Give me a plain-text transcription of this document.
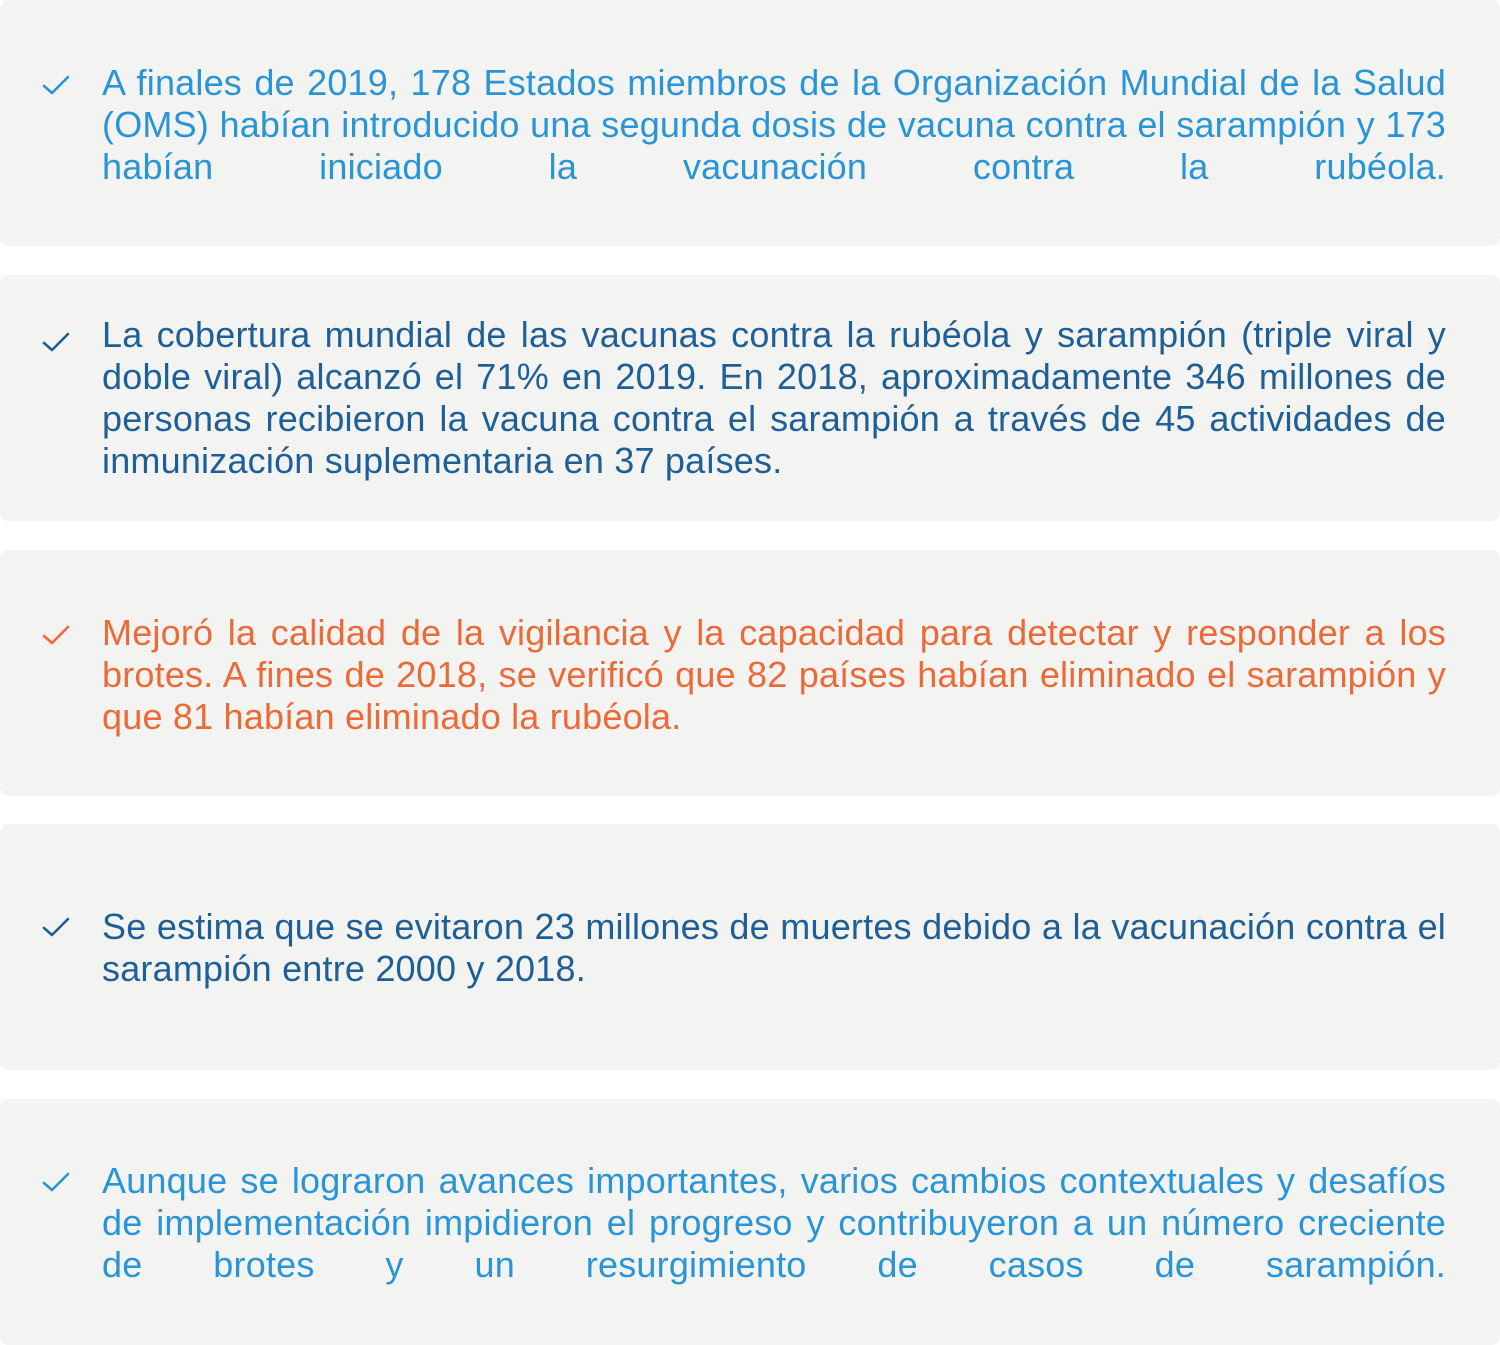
A finales de 2019, 178 Estados miembros de la Organización Mundial de la Salud (OMS) habían introducido una segunda dosis de vacuna contra el sarampión y 173 habían iniciado la vacunación contra la rubéola.

La cobertura mundial de las vacunas contra la rubéola y sarampión (triple viral y doble viral) alcanzó el 71% en 2019. En 2018, aproximadamente 346 millones de personas recibieron la vacuna contra el sarampión a través de 45 actividades de inmunización suplementaria en 37 países.

Mejoró la calidad de la vigilancia y la capacidad para detectar y responder a los brotes. A fines de 2018, se verificó que 82 países habían eliminado el sarampión y que 81 habían eliminado la rubéola.

Se estima que se evitaron 23 millones de muertes debido a la vacunación contra el sarampión entre 2000 y 2018.

Aunque se lograron avances importantes, varios cambios contextuales y desafíos de implementación impidieron el progreso y contribuyeron a un número creciente de brotes y un resurgimiento de casos de sarampión.
